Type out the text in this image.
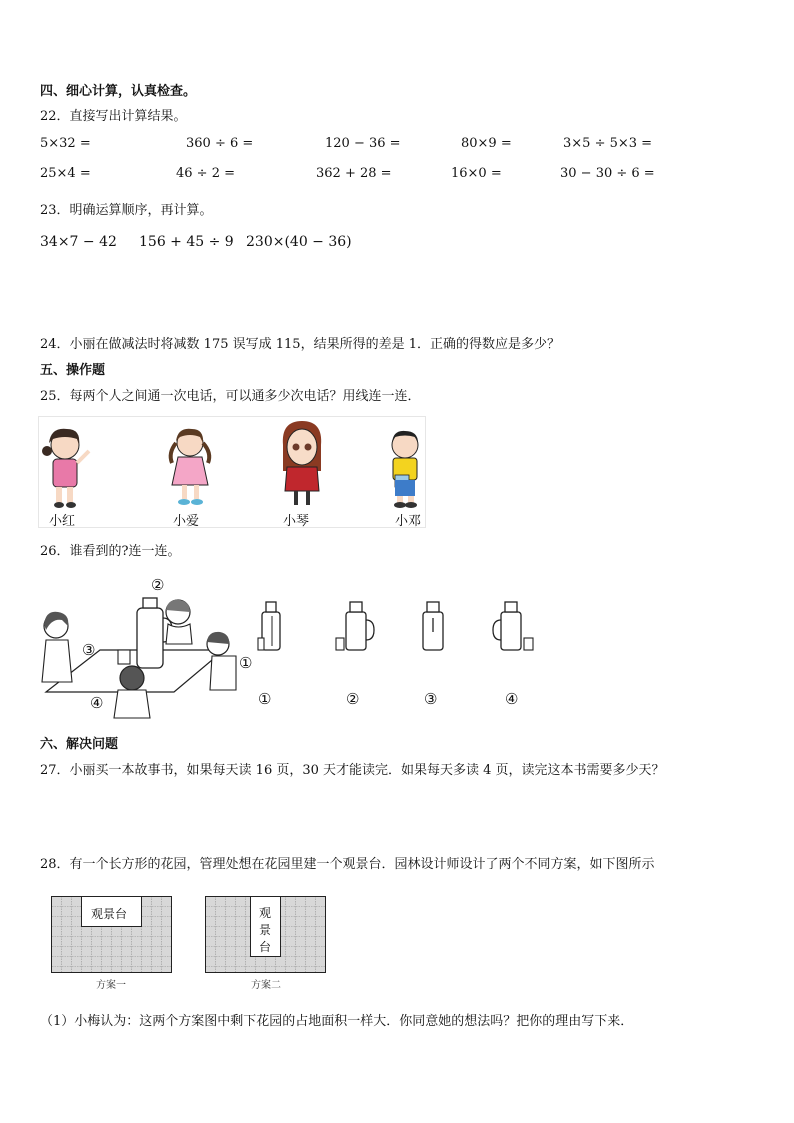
四、细心计算，认真检查。
22．直接写出计算结果。
5×32 =	360 ÷ 6 =	120 − 36 =	80×9 =	3×5 ÷ 5×3 =
25×4 =	46 ÷ 2 =	362 + 28 =	16×0 =	30 − 30 ÷ 6 =
23．明确运算顺序，再计算。
34×7 − 42 156 + 45 ÷ 9 230×(40 − 36)
24．小丽在做减法时将减数 175 误写成 115，结果所得的差是 1．正确的得数应是多少？
五、操作题
25．每两个人之间通一次电话，可以通多少次电话？用线连一连．
小红	小爱	小琴	小邓
26．谁看到的?连一连。
②
③
①
④	①	②	③	④
六、解决问题
27．小丽买一本故事书，如果每天读 16 页，30 天才能读完．如果每天多读 4 页，读完这本书需要多少天？
28．有一个长方形的花园，管理处想在花园里建一个观景台．园林设计师设计了两个不同方案，如下图所示
观景台
方案一
观
景
台
方案二
（1）小梅认为：这两个方案图中剩下花园的占地面积一样大．你同意她的想法吗？把你的理由写下来．
